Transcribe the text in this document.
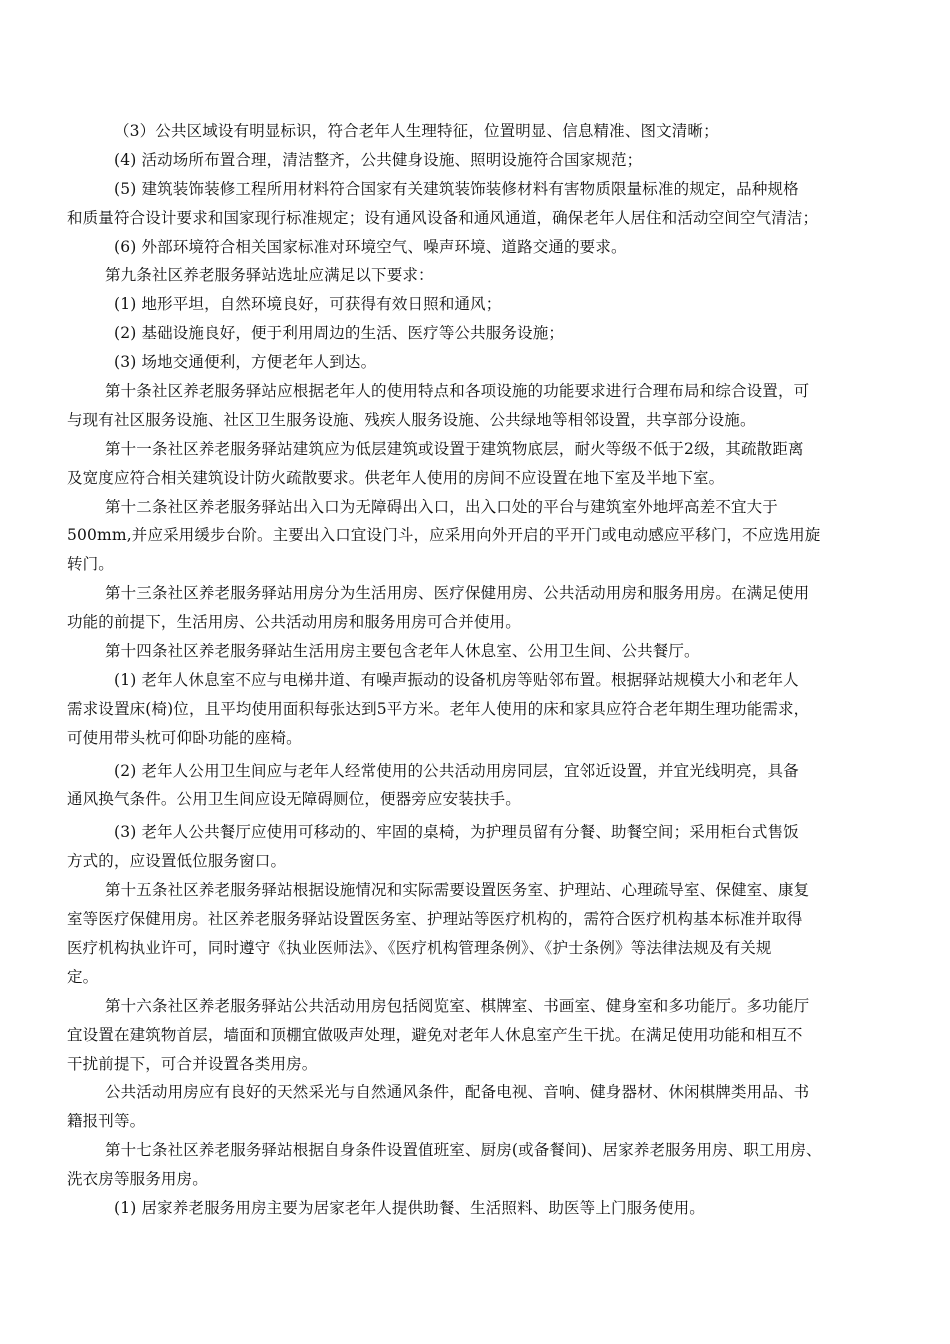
（3）公共区域设有明显标识，符合老年人生理特征，位置明显、信息精准、图文清晰；
(4) 活动场所布置合理，清洁整齐，公共健身设施、照明设施符合国家规范；
(5) 建筑装饰装修工程所用材料符合国家有关建筑装饰装修材料有害物质限量标准的规定，品种规格
和质量符合设计要求和国家现行标准规定；设有通风设备和通风通道，确保老年人居住和活动空间空气清洁；
(6) 外部环境符合相关国家标准对环境空气、噪声环境、道路交通的要求。
第九条社区养老服务驿站选址应满足以下要求：
(1) 地形平坦，自然环境良好，可获得有效日照和通风；
(2) 基础设施良好，便于利用周边的生活、医疗等公共服务设施；
(3) 场地交通便利，方便老年人到达。
第十条社区养老服务驿站应根据老年人的使用特点和各项设施的功能要求进行合理布局和综合设置，可
与现有社区服务设施、社区卫生服务设施、残疾人服务设施、公共绿地等相邻设置，共享部分设施。
第十一条社区养老服务驿站建筑应为低层建筑或设置于建筑物底层，耐火等级不低于2级，其疏散距离
及宽度应符合相关建筑设计防火疏散要求。供老年人使用的房间不应设置在地下室及半地下室。
第十二条社区养老服务驿站出入口为无障碍出入口，出入口处的平台与建筑室外地坪高差不宜大于
500mm,并应采用缓步台阶。主要出入口宜设门斗，应采用向外开启的平开门或电动感应平移门，不应选用旋
转门。
第十三条社区养老服务驿站用房分为生活用房、医疗保健用房、公共活动用房和服务用房。在满足使用
功能的前提下，生活用房、公共活动用房和服务用房可合并使用。
第十四条社区养老服务驿站生活用房主要包含老年人休息室、公用卫生间、公共餐厅。
(1) 老年人休息室不应与电梯井道、有噪声振动的设备机房等贴邻布置。根据驿站规模大小和老年人
需求设置床(椅)位，且平均使用面积每张达到5平方米。老年人使用的床和家具应符合老年期生理功能需求，
可使用带头枕可仰卧功能的座椅。
(2) 老年人公用卫生间应与老年人经常使用的公共活动用房同层，宜邻近设置，并宜光线明亮，具备
通风换气条件。公用卫生间应设无障碍厕位，便器旁应安装扶手。
(3) 老年人公共餐厅应使用可移动的、牢固的桌椅，为护理员留有分餐、助餐空间；采用柜台式售饭
方式的，应设置低位服务窗口。
第十五条社区养老服务驿站根据设施情况和实际需要设置医务室、护理站、心理疏导室、保健室、康复
室等医疗保健用房。社区养老服务驿站设置医务室、护理站等医疗机构的，需符合医疗机构基本标准并取得
医疗机构执业许可，同时遵守《执业医师法》、《医疗机构管理条例》、《护士条例》等法律法规及有关规
定。
第十六条社区养老服务驿站公共活动用房包括阅览室、棋牌室、书画室、健身室和多功能厅。多功能厅
宜设置在建筑物首层，墙面和顶棚宜做吸声处理，避免对老年人休息室产生干扰。在满足使用功能和相互不
干扰前提下，可合并设置各类用房。
公共活动用房应有良好的天然采光与自然通风条件，配备电视、音响、健身器材、休闲棋牌类用品、书
籍报刊等。
第十七条社区养老服务驿站根据自身条件设置值班室、厨房(或备餐间)、居家养老服务用房、职工用房、
洗衣房等服务用房。
(1) 居家养老服务用房主要为居家老年人提供助餐、生活照料、助医等上门服务使用。
